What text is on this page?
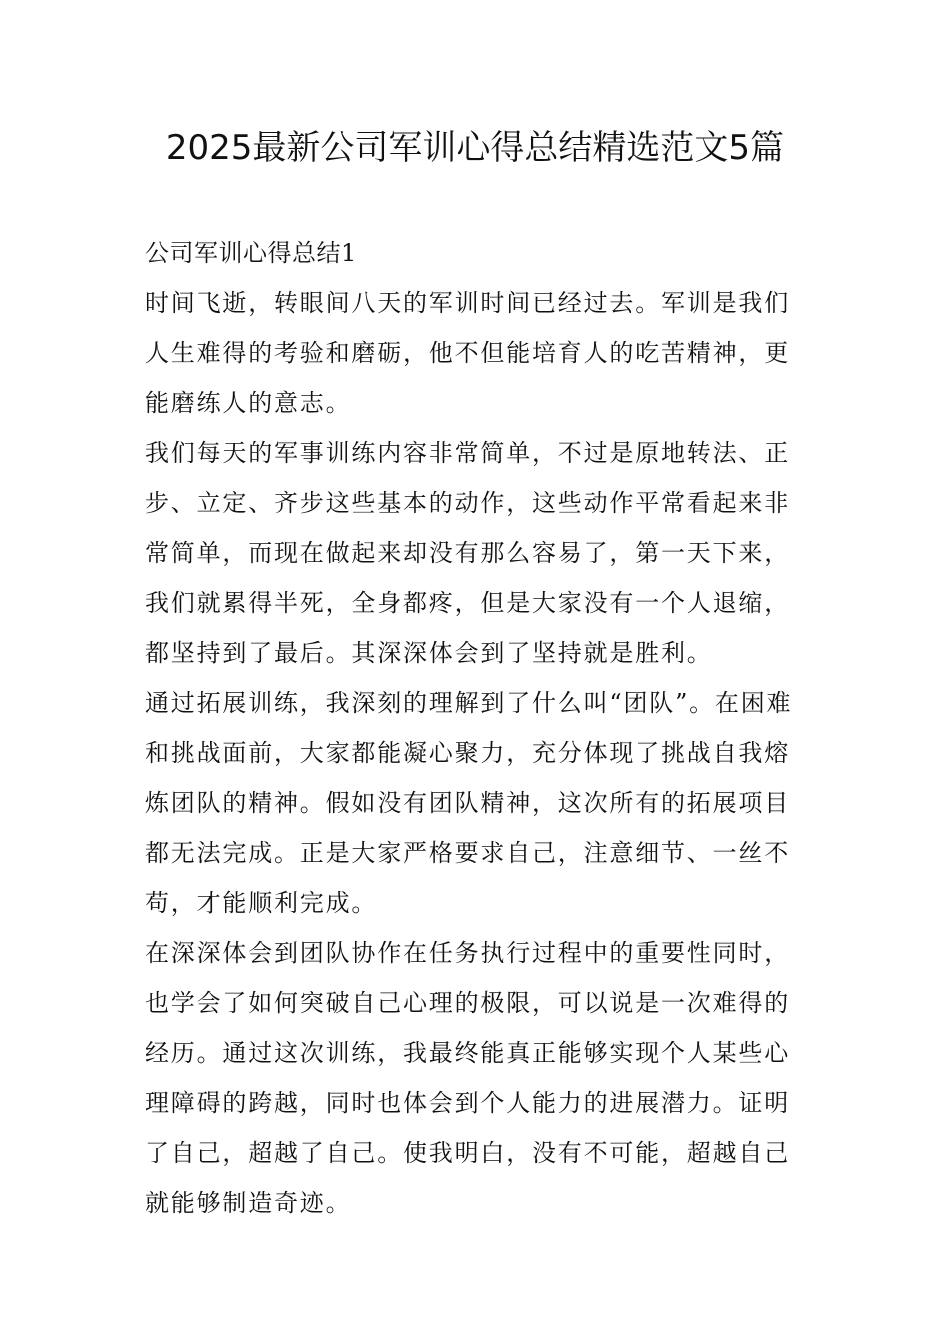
2025最新公司军训心得总结精选范文5篇

公司军训心得总结1

时间飞逝，转眼间八天的军训时间已经过去。军训是我们人生难得的考验和磨砺，他不但能培育人的吃苦精神，更能磨练人的意志。

我们每天的军事训练内容非常简单，不过是原地转法、正步、立定、齐步这些基本的动作，这些动作平常看起来非常简单，而现在做起来却没有那么容易了，第一天下来，我们就累得半死，全身都疼，但是大家没有一个人退缩，都坚持到了最后。其深深体会到了坚持就是胜利。

通过拓展训练，我深刻的理解到了什么叫“团队”。在困难和挑战面前，大家都能凝心聚力，充分体现了挑战自我熔炼团队的精神。假如没有团队精神，这次所有的拓展项目都无法完成。正是大家严格要求自己，注意细节、一丝不苟，才能顺利完成。

在深深体会到团队协作在任务执行过程中的重要性同时，也学会了如何突破自己心理的极限，可以说是一次难得的经历。通过这次训练，我最终能真正能够实现个人某些心理障碍的跨越，同时也体会到个人能力的进展潜力。证明了自己，超越了自己。使我明白，没有不可能，超越自己就能够制造奇迹。
